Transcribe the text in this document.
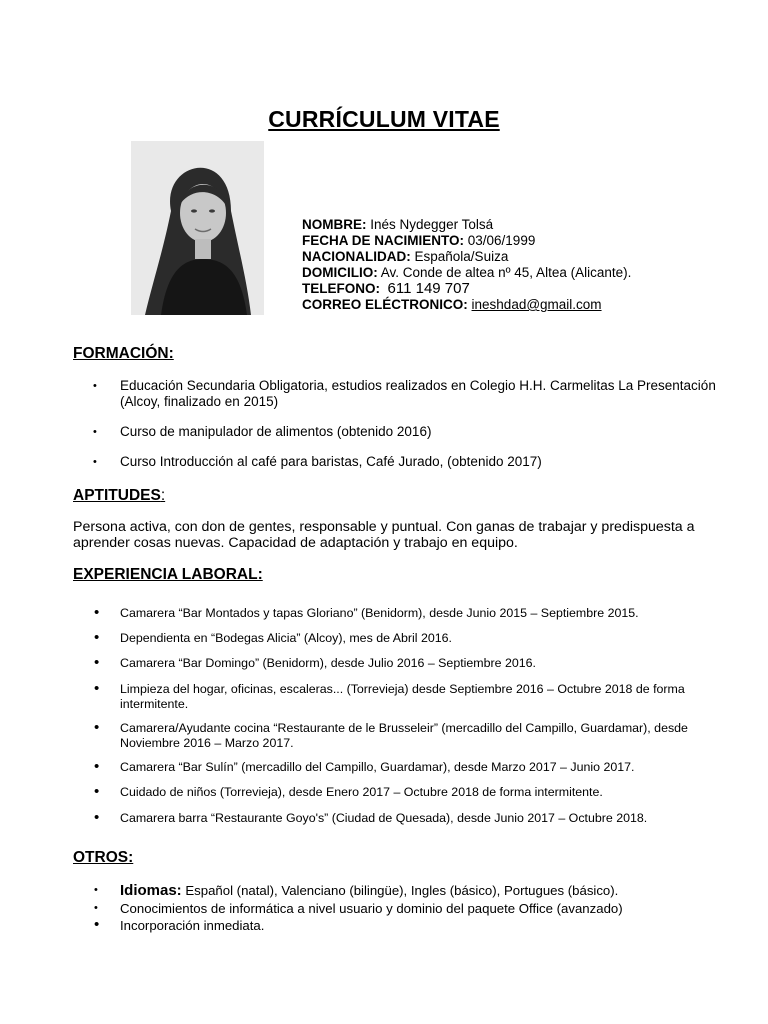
CURRÍCULUM VITAE
NOMBRE: Inés Nydegger Tolsá
FECHA DE NACIMIENTO: 03/06/1999
NACIONALIDAD: Española/Suiza
DOMICILIO: Av. Conde de altea nº 45, Altea (Alicante).
TELEFONO: 611 149 707
CORREO ELÉCTRONICO: ineshdad@gmail.com
FORMACIÓN:
• Educación Secundaria Obligatoria, estudios realizados en Colegio H.H. Carmelitas La Presentación (Alcoy, finalizado en 2015)
• Curso de manipulador de alimentos (obtenido 2016)
• Curso Introducción al café para baristas, Café Jurado, (obtenido 2017)
APTITUDES:
Persona activa, con don de gentes, responsable y puntual. Con ganas de trabajar y predispuesta a aprender cosas nuevas. Capacidad de adaptación y trabajo en equipo.
EXPERIENCIA LABORAL:
• Camarera “Bar Montados y tapas Gloriano” (Benidorm), desde Junio 2015 – Septiembre 2015.
• Dependienta en “Bodegas Alicia” (Alcoy), mes de Abril 2016.
• Camarera “Bar Domingo” (Benidorm), desde Julio 2016 – Septiembre 2016.
• Limpieza del hogar, oficinas, escaleras... (Torrevieja) desde Septiembre 2016 – Octubre 2018 de forma intermitente.
• Camarera/Ayudante cocina “Restaurante de le Brusseleir” (mercadillo del Campillo, Guardamar), desde Noviembre 2016 – Marzo 2017.
• Camarera “Bar Sulín” (mercadillo del Campillo, Guardamar), desde Marzo 2017 – Junio 2017.
• Cuidado de niños (Torrevieja), desde Enero 2017 – Octubre 2018 de forma intermitente.
• Camarera barra “Restaurante Goyo's” (Ciudad de Quesada), desde Junio 2017 – Octubre 2018.
OTROS:
• Idiomas: Español (natal), Valenciano (bilingüe), Ingles (básico), Portugues (básico).
• Conocimientos de informática a nivel usuario y dominio del paquete Office (avanzado)
• Incorporación inmediata.
